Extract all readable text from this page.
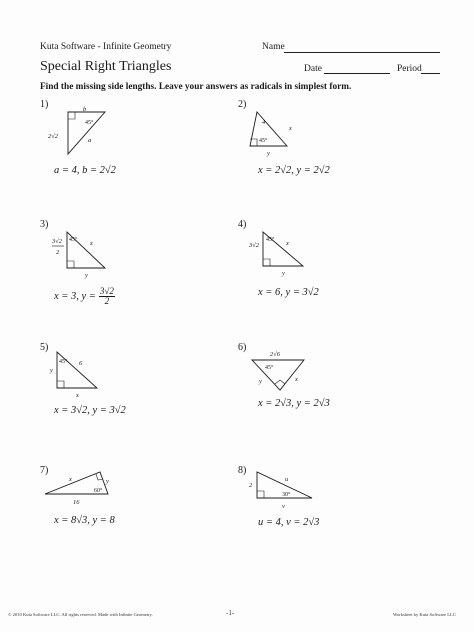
Kuta Software - Infinite Geometry	Name
Special Right Triangles	Date	Period
Find the missing side lengths. Leave your answers as radicals in simplest form.
1)	2)
3)	4)
5)	6)
7)	8)
b
45°
2√2
a
4
x
45°
y
3√2
2
45° x
y
3√2
45° x
y
45°
y
6
x
2√6
45°
y	x
x	y
60°
16
2
u
30°
v
a = 4, b = 2√2	x = 2√2, y = 2√2
x = 3, $y = \frac{3√2}{2}$	x = 6, y = 3√2
x = 3√2, y = 3√2
x = 2√3, y = 2√3
x = 8√3, y = 8	u = 4, v = 2√3
© 2010 Kuta Software LLC. All rights reserved. Made with Infinite Geometry.	-1-	Worksheet by Kuta Software LLC
